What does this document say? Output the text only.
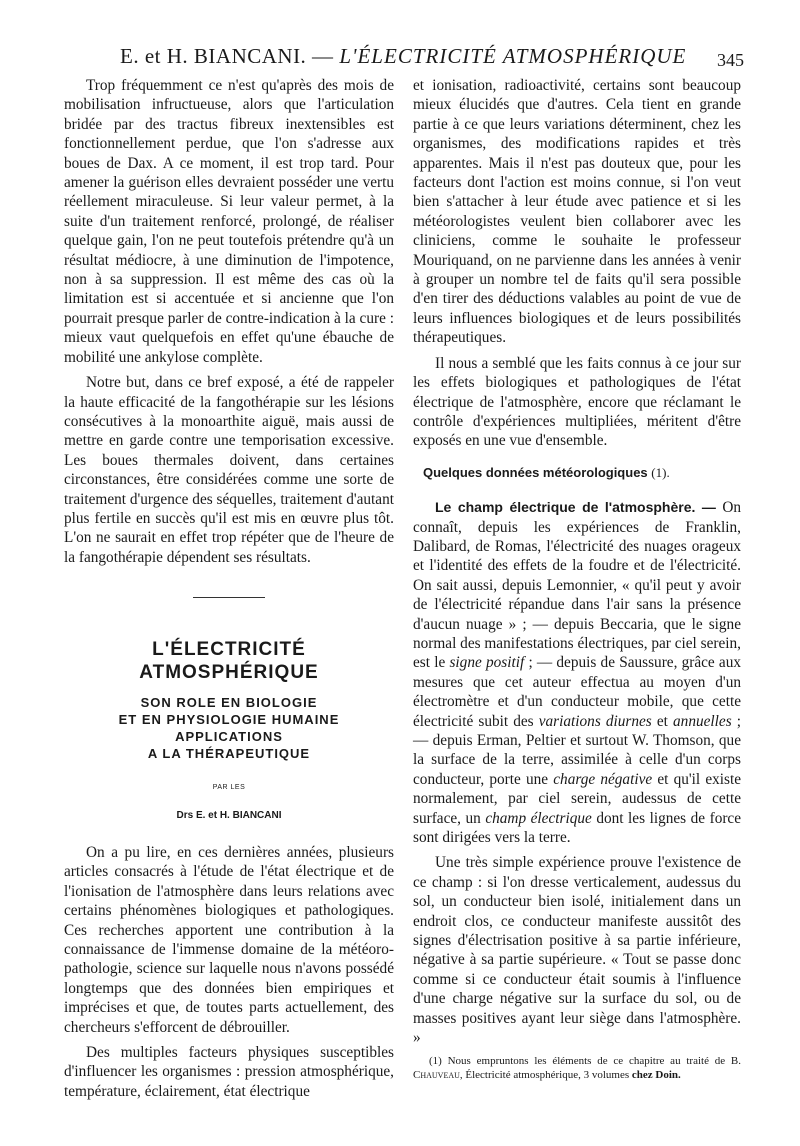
E. et H. BIANCANI. — L'ÉLECTRICITÉ ATMOSPHÉRIQUE 345

Trop fréquemment ce n'est qu'après des mois de mobilisation infructueuse, alors que l'articulation bridée par des tractus fibreux inextensibles est fonctionnellement perdue, que l'on s'adresse aux boues de Dax. A ce moment, il est trop tard. Pour amener la guérison elles devraient posséder une vertu réellement miraculeuse. Si leur valeur permet, à la suite d'un traitement renforcé, prolongé, de réaliser quelque gain, l'on ne peut toutefois prétendre qu'à un résultat médiocre, à une diminution de l'impotence, non à sa suppression. Il est même des cas où la limitation est si accentuée et si ancienne que l'on pourrait presque parler de contre-indication à la cure : mieux vaut quelquefois en effet qu'une ébauche de mobilité une ankylose complète.

Notre but, dans ce bref exposé, a été de rappeler la haute efficacité de la fangothérapie sur les lésions consécutives à la monoarthite aiguë, mais aussi de mettre en garde contre une temporisation excessive. Les boues thermales doivent, dans certaines circonstances, être considérées comme une sorte de traitement d'urgence des séquelles, traitement d'autant plus fertile en succès qu'il est mis en œuvre plus tôt. L'on ne saurait en effet trop répéter que de l'heure de la fangothérapie dépendent ses résultats.

L'ÉLECTRICITÉ
ATMOSPHÉRIQUE
SON ROLE EN BIOLOGIE
ET EN PHYSIOLOGIE HUMAINE
APPLICATIONS
A LA THÉRAPEUTIQUE
PAR LES
Drs E. et H. BIANCANI

On a pu lire, en ces dernières années, plusieurs articles consacrés à l'étude de l'état électrique et de l'ionisation de l'atmosphère dans leurs relations avec certains phénomènes biologiques et pathologiques. Ces recherches apportent une contribution à la connaissance de l'immense domaine de la météoro-pathologie, science sur laquelle nous n'avons possédé longtemps que des données bien empiriques et imprécises et que, de toutes parts actuellement, des chercheurs s'efforcent de débrouiller.

Des multiples facteurs physiques susceptibles d'influencer les organismes : pression atmosphérique, température, éclairement, état électrique

et ionisation, radioactivité, certains sont beaucoup mieux élucidés que d'autres. Cela tient en grande partie à ce que leurs variations déterminent, chez les organismes, des modifications rapides et très apparentes. Mais il n'est pas douteux que, pour les facteurs dont l'action est moins connue, si l'on veut bien s'attacher à leur étude avec patience et si les météorologistes veulent bien collaborer avec les cliniciens, comme le souhaite le professeur Mouriquand, on ne parvienne dans les années à venir à grouper un nombre tel de faits qu'il sera possible d'en tirer des déductions valables au point de vue de leurs influences biologiques et de leurs possibilités thérapeutiques.

Il nous a semblé que les faits connus à ce jour sur les effets biologiques et pathologiques de l'état électrique de l'atmosphère, encore que réclamant le contrôle d'expériences multipliées, méritent d'être exposés en une vue d'ensemble.

Quelques données météorologiques (1).

Le champ électrique de l'atmosphère. — On connaît, depuis les expériences de Franklin, Dalibard, de Romas, l'électricité des nuages orageux et l'identité des effets de la foudre et de l'électricité. On sait aussi, depuis Lemonnier, « qu'il peut y avoir de l'électricité répandue dans l'air sans la présence d'aucun nuage » ; — depuis Beccaria, que le signe normal des manifestations électriques, par ciel serein, est le signe positif ; — depuis de Saussure, grâce aux mesures que cet auteur effectua au moyen d'un électromètre et d'un conducteur mobile, que cette électricité subit des variations diurnes et annuelles ; — depuis Erman, Peltier et surtout W. Thomson, que la surface de la terre, assimilée à celle d'un corps conducteur, porte une charge négative et qu'il existe normalement, par ciel serein, audessus de cette surface, un champ électrique dont les lignes de force sont dirigées vers la terre.

Une très simple expérience prouve l'existence de ce champ : si l'on dresse verticalement, audessus du sol, un conducteur bien isolé, initialement dans un endroit clos, ce conducteur manifeste aussitôt des signes d'électrisation positive à sa partie inférieure, négative à sa partie supérieure. « Tout se passe donc comme si ce conducteur était soumis à l'influence d'une charge négative sur la surface du sol, ou de masses positives ayant leur siège dans l'atmosphère. »

(1) Nous empruntons les éléments de ce chapitre au traité de B. Chauveau, Électricité atmosphérique, 3 volumes chez Doin.
